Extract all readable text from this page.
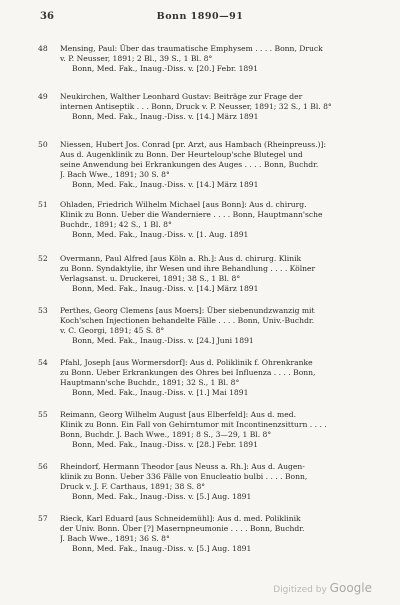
36	Bonn 1890—91
48	Mensing, Paul: Über das traumatische Emphysem . . . . Bonn, Druck
v. P. Neusser, 1891; 2 Bl., 39 S., 1 Bl. 8°
Bonn, Med. Fak., Inaug.-Diss. v. [20.] Febr. 1891
49	Neukirchen, Walther Leonhard Gustav: Beiträge zur Frage der
internen Antiseptik . . . Bonn, Druck v. P. Neusser, 1891; 32 S., 1 Bl. 8°
Bonn, Med. Fak., Inaug.-Diss. v. [14.] März 1891
50	Niessen, Hubert Jos. Conrad [pr. Arzt, aus Hambach (Rheinpreuss.)]:
Aus d. Augenklinik zu Bonn. Der Heurteloup'sche Blutegel und
seine Anwendung bei Erkrankungen des Auges . . . . Bonn, Buchdr.
J. Bach Wwe., 1891; 30 S. 8°
Bonn, Med. Fak., Inaug.-Diss. v. [14.] März 1891
51	Ohladen, Friedrich Wilhelm Michael [aus Bonn]: Aus d. chirurg.
Klinik zu Bonn. Ueber die Wanderniere . . . . Bonn, Hauptmann'sche
Buchdr., 1891; 42 S., 1 Bl. 8°
Bonn, Med. Fak., Inaug.-Diss. v. [1. Aug. 1891
52	Overmann, Paul Alfred [aus Köln a. Rh.]: Aus d. chirurg. Klinik
zu Bonn. Syndaktylie, ihr Wesen und ihre Behandlung . . . . Kölner
Verlagsanst. u. Druckerei, 1891; 38 S., 1 Bl. 8°
Bonn, Med. Fak., Inaug.-Diss. v. [14.] März 1891
53	Perthes, Georg Clemens [aus Moers]: Über siebenundzwanzig mit
Koch'schen Injectionen behandelte Fälle . . . . Bonn, Univ.-Buchdr.
v. C. Georgi, 1891; 45 S. 8°
Bonn, Med. Fak., Inaug.-Diss. v. [24.] Juni 1891
54	Pfahl, Joseph [aus Wormersdorf]: Aus d. Poliklinik f. Ohrenkranke
zu Bonn. Ueber Erkrankungen des Ohres bei Influenza . . . . Bonn,
Hauptmann'sche Buchdr., 1891; 32 S., 1 Bl. 8°
Bonn, Med. Fak., Inaug.-Diss. v. [1.] Mai 1891
55	Reimann, Georg Wilhelm August [aus Elberfeld]: Aus d. med.
Klinik zu Bonn. Ein Fall von Gehirntumor mit Incontinenzsitturn . . . .
Bonn, Buchdr. J. Bach Wwe., 1891; 8 S., 3—29, 1 Bl. 8°
Bonn, Med. Fak., Inaug.-Diss. v. [28.] Febr. 1891
56	Rheindorf, Hermann Theodor [aus Neuss a. Rh.]: Aus d. Augen-
klinik zu Bonn. Ueber 336 Fälle von Enucleatio bulbi . . . . Bonn,
Druck v. J. F. Carthaus, 1891; 38 S. 8°
Bonn, Med. Fak., Inaug.-Diss. v. [5.] Aug. 1891
57	Rieck, Karl Eduard [aus Schneidemühl]: Aus d. med. Poliklinik
der Univ. Bonn. Über [?] Masernpneumonie . . . . Bonn, Buchdr.
J. Bach Wwe., 1891; 36 S. 8°
Bonn, Med. Fak., Inaug.-Diss. v. [5.] Aug. 1891
Digitized by Google
